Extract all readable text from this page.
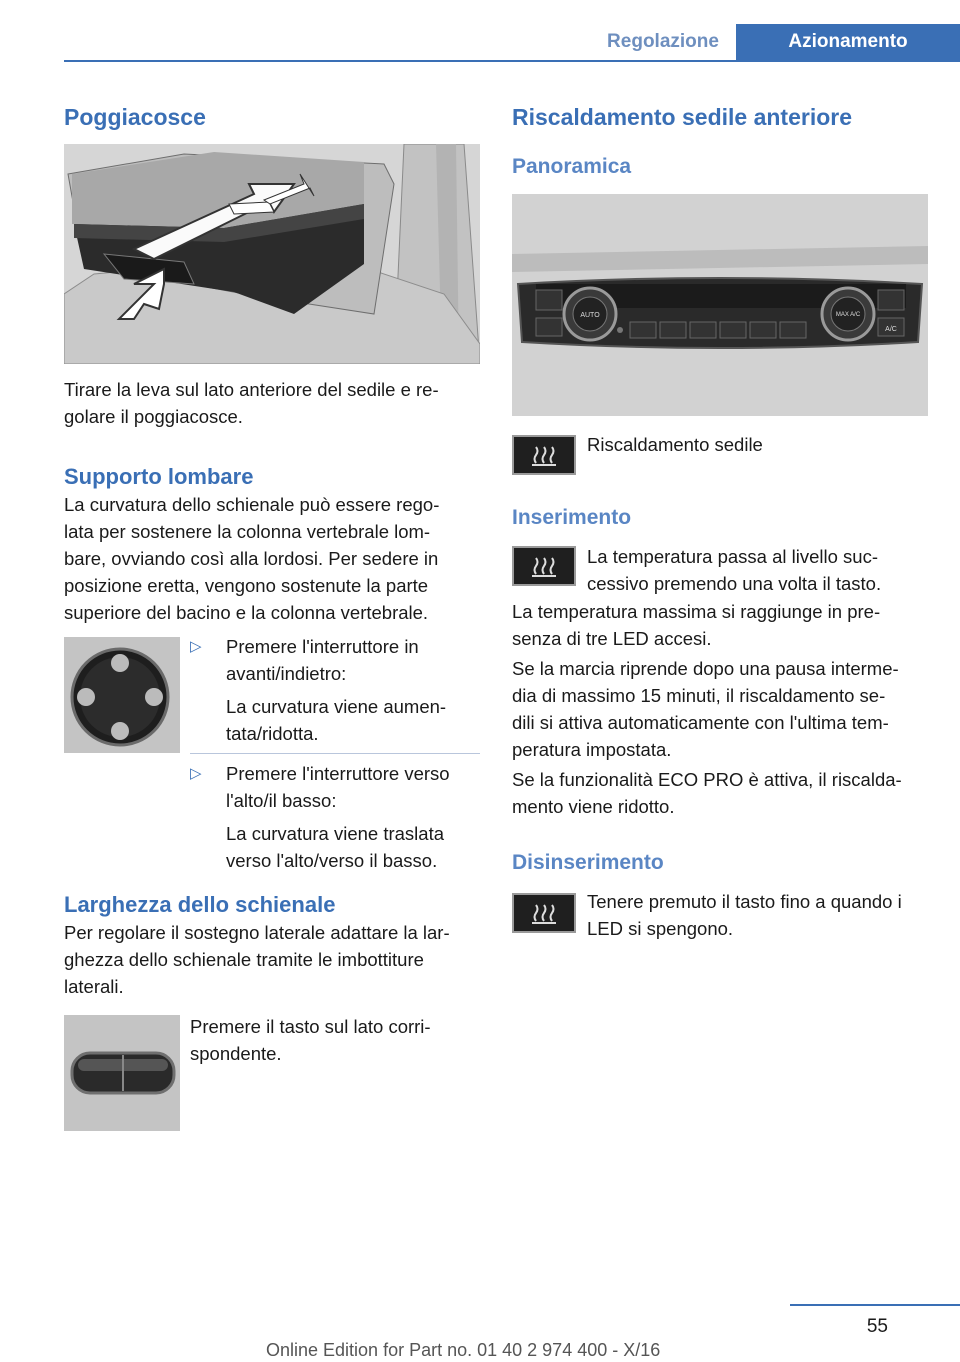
Regolazione	Azionamento
Poggiacosce

Tirare la leva sul lato anteriore del sedile e re-

golare il poggiacosce.

Supporto lombare

La curvatura dello schienale può essere rego-

lata per sostenere la colonna vertebrale lom-

bare, ovviando così alla lordosi. Per sedere in

posizione eretta, vengono sostenute la parte

superiore del bacino e la colonna vertebrale.

▷ Premere l'interruttore in

avanti/indietro:

La curvatura viene aumen-

tata/ridotta.

▷ Premere l'interruttore verso

l'alto/il basso:

La curvatura viene traslata

verso l'alto/verso il basso.

Larghezza dello schienale

Per regolare il sostegno laterale adattare la lar-

ghezza dello schienale tramite le imbottiture

laterali.

Premere il tasto sul lato corri-

spondente.

Riscaldamento sedile anteriore
Panoramica
AUTO	MAX A/C
A/C
Riscaldamento sedile
Inserimento

La temperatura passa al livello suc-

cessivo premendo una volta il tasto.

La temperatura massima si raggiunge in pre-

senza di tre LED accesi.

Se la marcia riprende dopo una pausa interme-

dia di massimo 15 minuti, il riscaldamento se-

dili si attiva automaticamente con l'ultima tem-

peratura impostata.

Se la funzionalità ECO PRO è attiva, il riscalda-

mento viene ridotto.

Disinserimento

Tenere premuto il tasto fino a quando i

LED si spengono.

55
Online Edition for Part no. 01 40 2 974 400 - X/16
